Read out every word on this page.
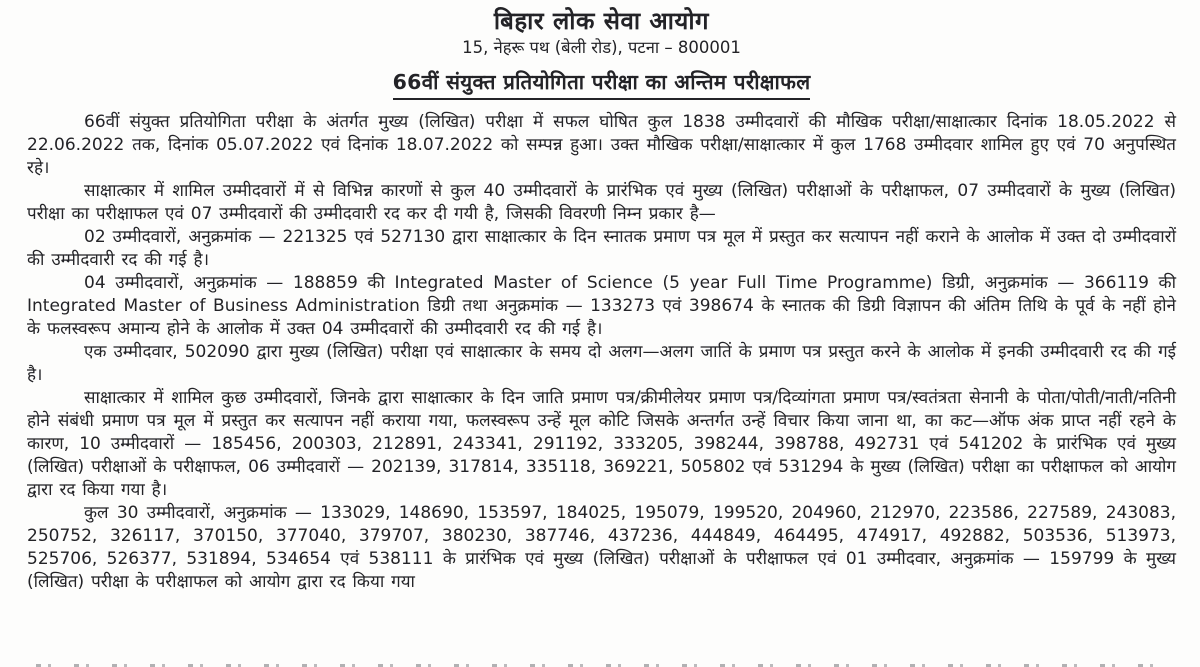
बिहार लोक सेवा आयोग
15, नेहरू पथ (बेली रोड), पटना – 800001
66वीं संयुक्त प्रतियोगिता परीक्षा का अन्तिम परीक्षाफल

66वीं संयुक्त प्रतियोगिता परीक्षा के अंतर्गत मुख्य (लिखित) परीक्षा में सफल घोषित कुल 1838 उम्मीदवारों की मौखिक परीक्षा/साक्षात्कार दिनांक 18.05.2022 से 22.06.2022 तक, दिनांक 05.07.2022 एवं दिनांक 18.07.2022 को सम्पन्न हुआ। उक्त मौखिक परीक्षा/साक्षात्कार में कुल 1768 उम्मीदवार शामिल हुए एवं 70 अनुपस्थित रहे।

साक्षात्कार में शामिल उम्मीदवारों में से विभिन्न कारणों से कुल 40 उम्मीदवारों के प्रारंभिक एवं मुख्य (लिखित) परीक्षाओं के परीक्षाफल, 07 उम्मीदवारों के मुख्य (लिखित) परीक्षा का परीक्षाफल एवं 07 उम्मीदवारों की उम्मीदवारी रद कर दी गयी है, जिसकी विवरणी निम्न प्रकार है—

02 उम्मीदवारों, अनुक्रमांक — 221325 एवं 527130 द्वारा साक्षात्कार के दिन स्नातक प्रमाण पत्र मूल में प्रस्तुत कर सत्यापन नहीं कराने के आलोक में उक्त दो उम्मीदवारों की उम्मीदवारी रद की गई है।

04 उम्मीदवारों, अनुक्रमांक — 188859 की Integrated Master of Science (5 year Full Time Programme) डिग्री, अनुक्रमांक — 366119 की Integrated Master of Business Administration डिग्री तथा अनुक्रमांक — 133273 एवं 398674 के स्नातक की डिग्री विज्ञापन की अंतिम तिथि के पूर्व के नहीं होने के फलस्वरूप अमान्य होने के आलोक में उक्त 04 उम्मीदवारों की उम्मीदवारी रद की गई है।

एक उम्मीदवार, 502090 द्वारा मुख्य (लिखित) परीक्षा एवं साक्षात्कार के समय दो अलग—अलग जातिं के प्रमाण पत्र प्रस्तुत करने के आलोक में इनकी उम्मीदवारी रद की गई है।

साक्षात्कार में शामिल कुछ उम्मीदवारों, जिनके द्वारा साक्षात्कार के दिन जाति प्रमाण पत्र/क्रीमीलेयर प्रमाण पत्र/दिव्यांगता प्रमाण पत्र/स्वतंत्रता सेनानी के पोता/पोती/नाती/नतिनी होने संबंधी प्रमाण पत्र मूल में प्रस्तुत कर सत्यापन नहीं कराया गया, फलस्वरूप उन्हें मूल कोटि जिसके अन्तर्गत उन्हें विचार किया जाना था, का कट—ऑफ अंक प्राप्त नहीं रहने के कारण, 10 उम्मीदवारों — 185456, 200303, 212891, 243341, 291192, 333205, 398244, 398788, 492731 एवं 541202 के प्रारंभिक एवं मुख्य (लिखित) परीक्षाओं के परीक्षाफल, 06 उम्मीदवारों — 202139, 317814, 335118, 369221, 505802 एवं 531294 के मुख्य (लिखित) परीक्षा का परीक्षाफल को आयोग द्वारा रद किया गया है।

कुल 30 उम्मीदवारों, अनुक्रमांक — 133029, 148690, 153597, 184025, 195079, 199520, 204960, 212970, 223586, 227589, 243083, 250752, 326117, 370150, 377040, 379707, 380230, 387746, 437236, 444849, 464495, 474917, 492882, 503536, 513973, 525706, 526377, 531894, 534654 एवं 538111 के प्रारंभिक एवं मुख्य (लिखित) परीक्षाओं के परीक्षाफल एवं 01 उम्मीदवार, अनुक्रमांक — 159799 के मुख्य (लिखित) परीक्षा के परीक्षाफल को आयोग द्वारा रद किया गया
